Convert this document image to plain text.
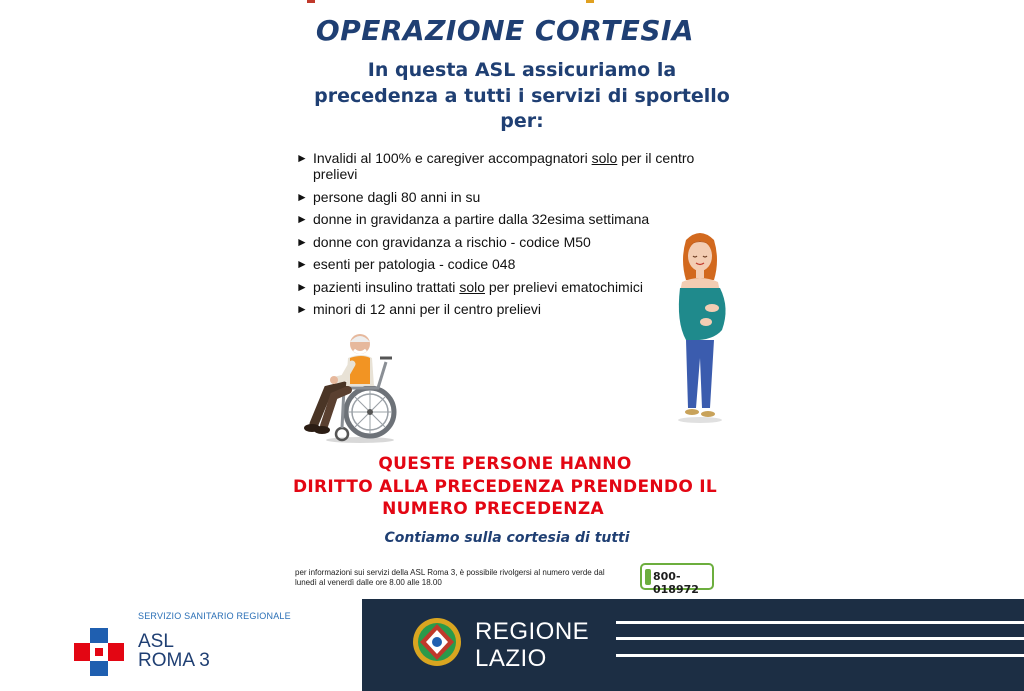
OPERAZIONE CORTESIA
In questa ASL assicuriamo la
precedenza a tutti i servizi di sportello
per:
► Invalidi al 100% e caregiver accompagnatori solo per il centro prelievi
► persone dagli 80 anni in su
► donne in gravidanza a partire dalla 32esima settimana
► donne con gravidanza a rischio - codice M50
► esenti per patologia - codice 048
► pazienti insulino trattati solo per prelievi ematochimici
► minori di 12 anni per il centro prelievi
QUESTE PERSONE HANNO
DIRITTO ALLA PRECEDENZA PRENDENDO IL
NUMERO PRECEDENZA
Contiamo sulla cortesia di tutti
per informazioni sui servizi della ASL Roma 3, è possibile rivolgersi al numero verde dal lunedì al venerdì dalle ore 8.00 alle 18.00	800-018972
SERVIZIO SANITARIO REGIONALE
ASL
ROMA 3
REGIONE
LAZIO
